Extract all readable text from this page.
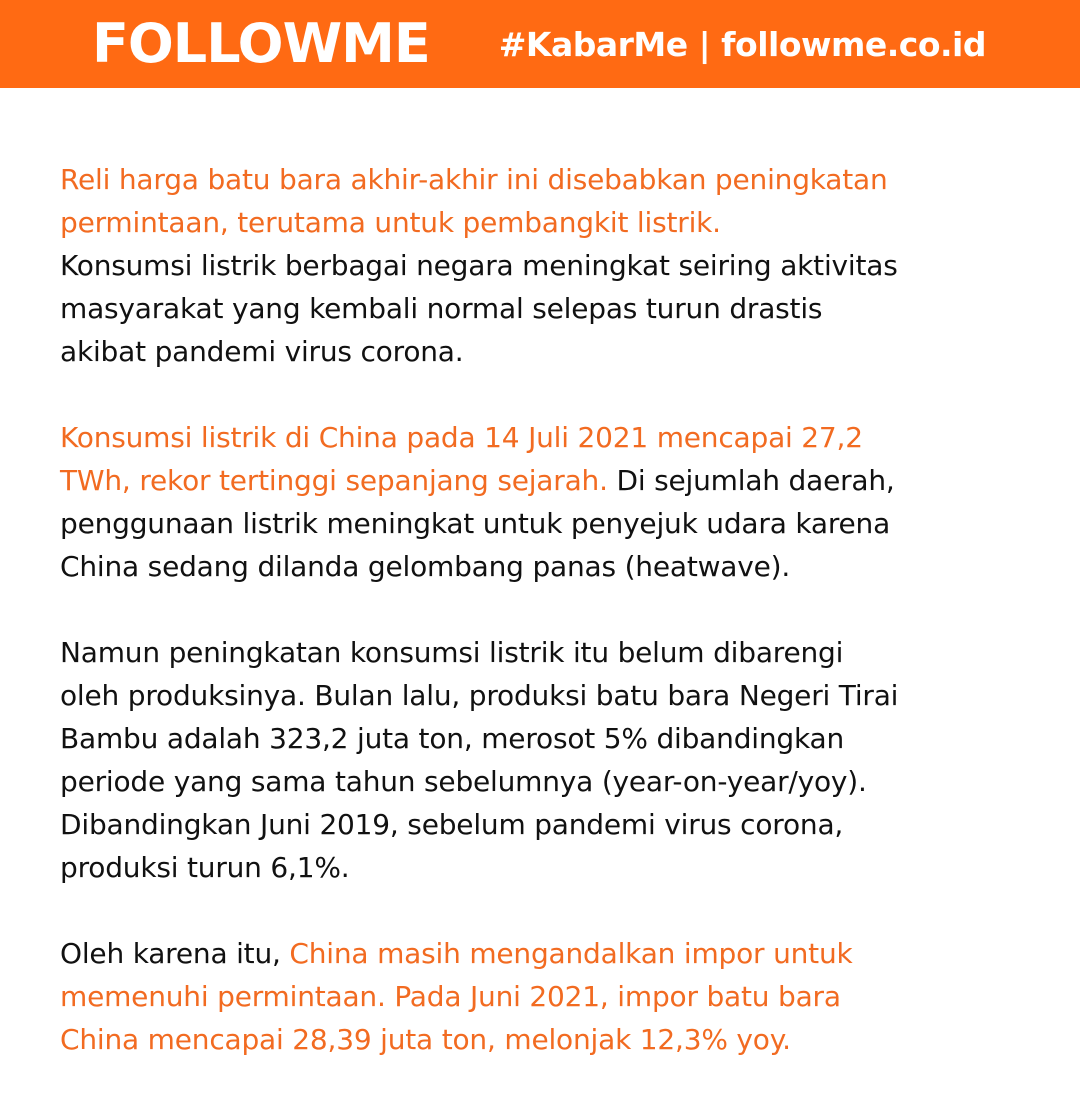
FOLLOWME #KabarMe | followme.co.id

Reli harga batu bara akhir-akhir ini disebabkan peningkatan
permintaan, terutama untuk pembangkit listrik.
Konsumsi listrik berbagai negara meningkat seiring aktivitas
masyarakat yang kembali normal selepas turun drastis
akibat pandemi virus corona.

Konsumsi listrik di China pada 14 Juli 2021 mencapai 27,2
TWh, rekor tertinggi sepanjang sejarah. Di sejumlah daerah,
penggunaan listrik meningkat untuk penyejuk udara karena
China sedang dilanda gelombang panas (heatwave).

Namun peningkatan konsumsi listrik itu belum dibarengi
oleh produksinya. Bulan lalu, produksi batu bara Negeri Tirai
Bambu adalah 323,2 juta ton, merosot 5% dibandingkan
periode yang sama tahun sebelumnya (year-on-year/yoy).
Dibandingkan Juni 2019, sebelum pandemi virus corona,
produksi turun 6,1%.

Oleh karena itu, China masih mengandalkan impor untuk
memenuhi permintaan. Pada Juni 2021, impor batu bara
China mencapai 28,39 juta ton, melonjak 12,3% yoy.
